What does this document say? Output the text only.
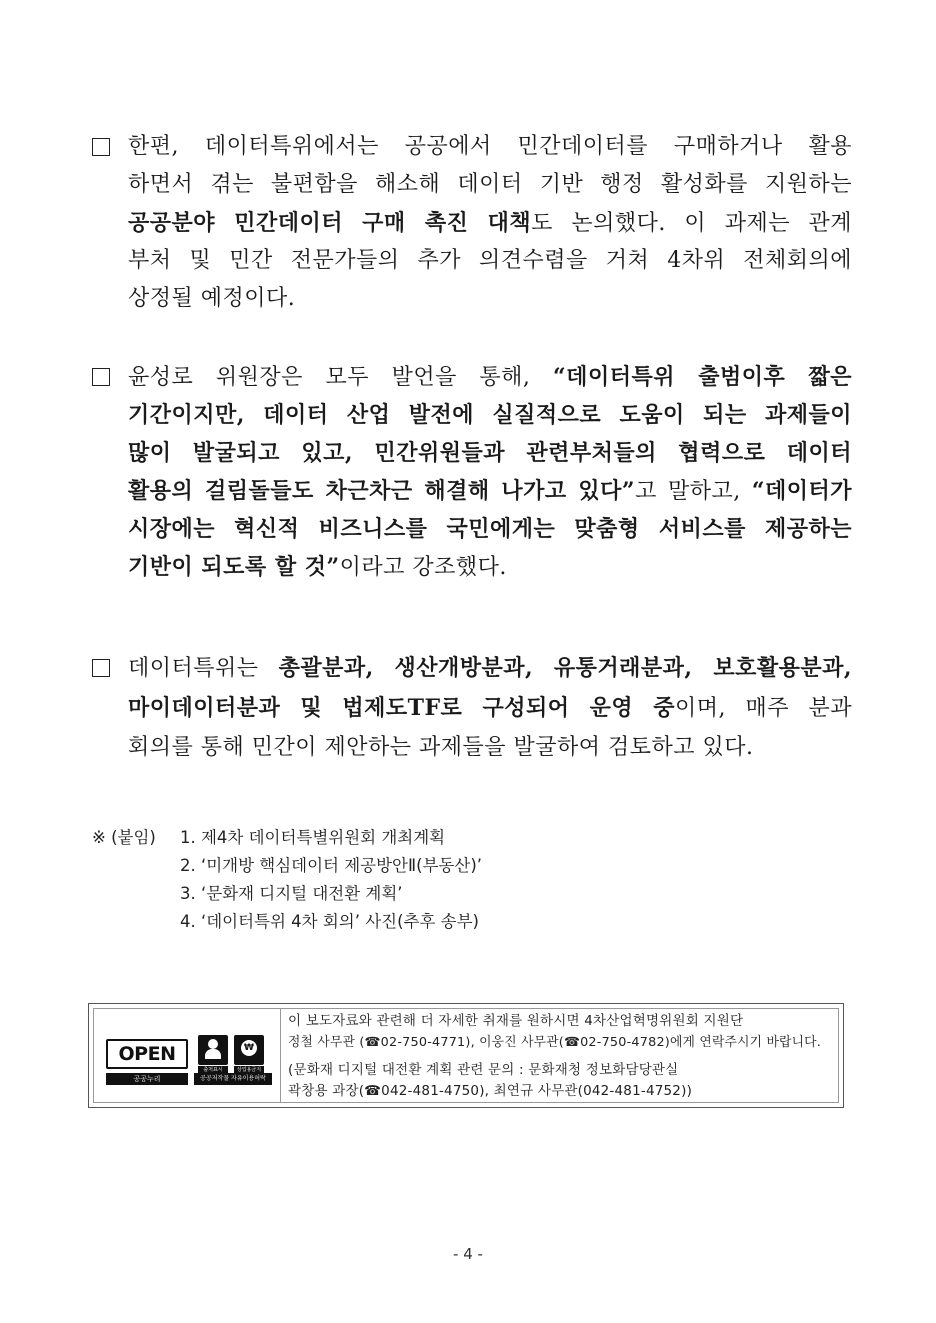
한편, 데이터특위에서는 공공에서 민간데이터를 구매하거나 활용
하면서 겪는 불편함을 해소해 데이터 기반 행정 활성화를 지원하는
공공분야 민간데이터 구매 촉진 대책도 논의했다. 이 과제는 관계
부처 및 민간 전문가들의 추가 의견수렴을 거쳐 4차위 전체회의에
상정될 예정이다.
윤성로 위원장은 모두 발언을 통해, “데이터특위 출범이후 짧은
기간이지만, 데이터 산업 발전에 실질적으로 도움이 되는 과제들이
많이 발굴되고 있고, 민간위원들과 관련부처들의 협력으로 데이터
활용의 걸림돌들도 차근차근 해결해 나가고 있다”고 말하고, “데이터가
시장에는 혁신적 비즈니스를 국민에게는 맞춤형 서비스를 제공하는
기반이 되도록 할 것”이라고 강조했다.
데이터특위는 총괄분과, 생산개방분과, 유통거래분과, 보호활용분과,
마이데이터분과 및 법제도TF로 구성되어 운영 중이며, 매주 분과
회의를 통해 민간이 제안하는 과제들을 발굴하여 검토하고 있다.
※ (붙임) 1. 제4차 데이터특별위원회 개최계획
2. ‘미개방 핵심데이터 제공방안Ⅱ(부동산)’
3. ‘문화재 디지털 대전환 계획’
4. ‘데이터특위 4차 회의’ 사진(추후 송부)
OPEN
공공누리
출처표시
₩
상업용금지
공공저작물 자유이용허락
이 보도자료와 관련해 더 자세한 취재를 원하시면 4차산업혁명위원회 지원단
정철 사무관 (☎02-750-4771), 이웅진 사무관(☎02-750-4782)에게 연락주시기 바랍니다.
(문화재 디지털 대전환 계획 관련 문의 : 문화재청 정보화담당관실
곽창용 과장(☎042-481-4750), 최연규 사무관(042-481-4752))
- 4 -
